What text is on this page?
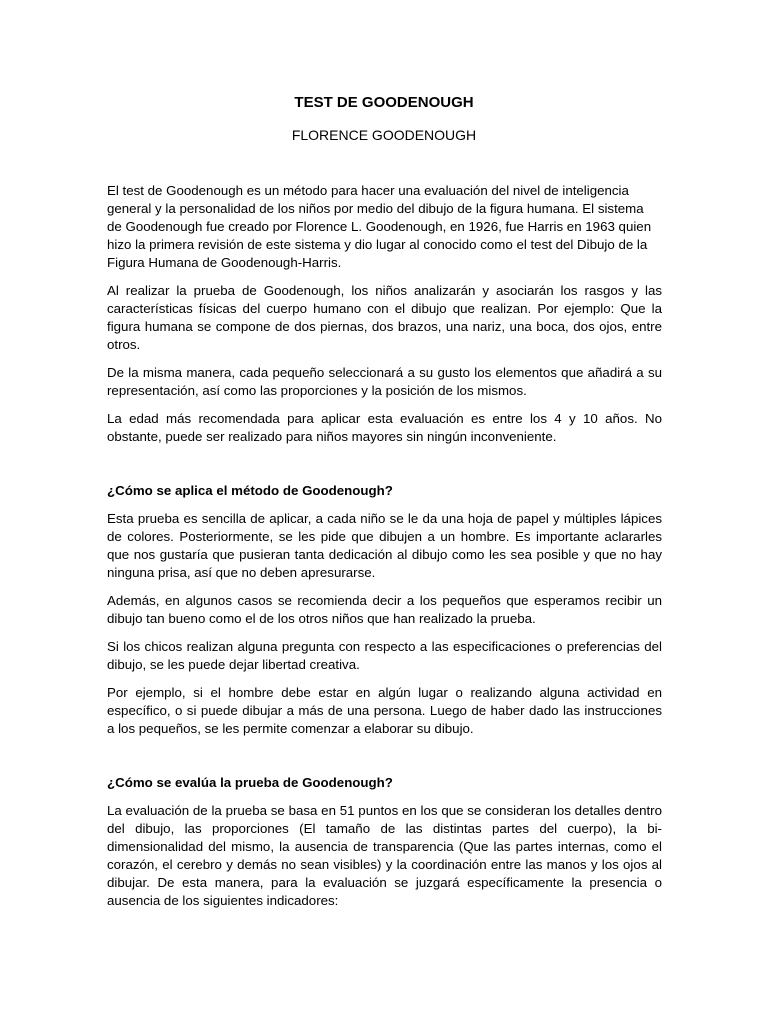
TEST DE GOODENOUGH
FLORENCE GOODENOUGH

El test de Goodenough es un método para hacer una evaluación del nivel de inteligencia general y la personalidad de los niños por medio del dibujo de la figura humana. El sistema de Goodenough fue creado por Florence L. Goodenough, en 1926, fue Harris en 1963 quien hizo la primera revisión de este sistema y dio lugar al conocido como el test del Dibujo de la Figura Humana de Goodenough-Harris.

Al realizar la prueba de Goodenough, los niños analizarán y asociarán los rasgos y las características físicas del cuerpo humano con el dibujo que realizan. Por ejemplo: Que la figura humana se compone de dos piernas, dos brazos, una nariz, una boca, dos ojos, entre otros.

De la misma manera, cada pequeño seleccionará a su gusto los elementos que añadirá a su representación, así como las proporciones y la posición de los mismos.

La edad más recomendada para aplicar esta evaluación es entre los 4 y 10 años. No obstante, puede ser realizado para niños mayores sin ningún inconveniente.

¿Cómo se aplica el método de Goodenough?

Esta prueba es sencilla de aplicar, a cada niño se le da una hoja de papel y múltiples lápices de colores. Posteriormente, se les pide que dibujen a un hombre. Es importante aclararles que nos gustaría que pusieran tanta dedicación al dibujo como les sea posible y que no hay ninguna prisa, así que no deben apresurarse.

Además, en algunos casos se recomienda decir a los pequeños que esperamos recibir un dibujo tan bueno como el de los otros niños que han realizado la prueba.

Si los chicos realizan alguna pregunta con respecto a las especificaciones o preferencias del dibujo, se les puede dejar libertad creativa.

Por ejemplo, si el hombre debe estar en algún lugar o realizando alguna actividad en específico, o si puede dibujar a más de una persona. Luego de haber dado las instrucciones a los pequeños, se les permite comenzar a elaborar su dibujo.

¿Cómo se evalúa la prueba de Goodenough?

La evaluación de la prueba se basa en 51 puntos en los que se consideran los detalles dentro del dibujo, las proporciones (El tamaño de las distintas partes del cuerpo), la bi-dimensionalidad del mismo, la ausencia de transparencia (Que las partes internas, como el corazón, el cerebro y demás no sean visibles) y la coordinación entre las manos y los ojos al dibujar. De esta manera, para la evaluación se juzgará específicamente la presencia o ausencia de los siguientes indicadores:
